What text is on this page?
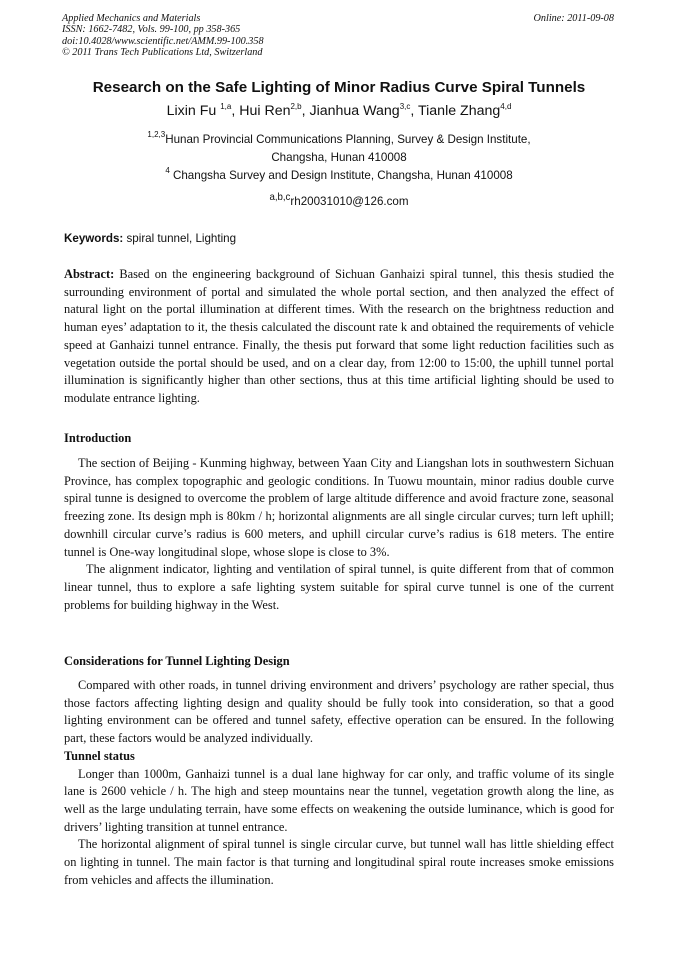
Applied Mechanics and Materials
ISSN: 1662-7482, Vols. 99-100, pp 358-365
doi:10.4028/www.scientific.net/AMM.99-100.358
© 2011 Trans Tech Publications Ltd, Switzerland
Online: 2011-09-08
Research on the Safe Lighting of Minor Radius Curve Spiral Tunnels
Lixin Fu $^{1,a}$, Hui Ren$^{2,b}$, Jianhua Wang$^{3,c}$, Tianle Zhang$^{4,d}$
$^{1,2,3}$Hunan Provincial Communications Planning, Survey & Design Institute,
Changsha, Hunan 410008
$^4$ Changsha Survey and Design Institute, Changsha, Hunan 410008
$^{a,b,c}$rh20031010@126.com
Keywords: spiral tunnel, Lighting

Abstract: Based on the engineering background of Sichuan Ganhaizi spiral tunnel, this thesis studied the surrounding environment of portal and simulated the whole portal section, and then analyzed the effect of natural light on the portal illumination at different times. With the research on the brightness reduction and human eyes’ adaptation to it, the thesis calculated the discount rate k and obtained the requirements of vehicle speed at Ganhaizi tunnel entrance. Finally, the thesis put forward that some light reduction facilities such as vegetation outside the portal should be used, and on a clear day, from 12:00 to 15:00, the uphill tunnel portal illumination is significantly higher than other sections, thus at this time artificial lighting should be used to modulate entrance lighting.

Introduction

The section of Beijing - Kunming highway, between Yaan City and Liangshan lots in southwestern Sichuan Province, has complex topographic and geologic conditions. In Tuowu mountain, minor radius double curve spiral tunne is designed to overcome the problem of large altitude difference and avoid fracture zone, seasonal freezing zone. Its design mph is 80km / h; horizontal alignments are all single circular curves; turn left uphill; downhill circular curve’s radius is 600 meters, and uphill circular curve’s radius is 618 meters. The entire tunnel is One-way longitudinal slope, whose slope is close to 3%.

The alignment indicator, lighting and ventilation of spiral tunnel, is quite different from that of common linear tunnel, thus to explore a safe lighting system suitable for spiral curve tunnel is one of the current problems for building highway in the West.

Considerations for Tunnel Lighting Design

Compared with other roads, in tunnel driving environment and drivers’ psychology are rather special, thus those factors affecting lighting design and quality should be fully took into consideration, so that a good lighting environment can be offered and tunnel safety, effective operation can be ensured. In the following part, these factors would be analyzed individually.

Tunnel status

Longer than 1000m, Ganhaizi tunnel is a dual lane highway for car only, and traffic volume of its single lane is 2600 vehicle / h. The high and steep mountains near the tunnel, vegetation growth along the line, as well as the large undulating terrain, have some effects on weakening the outside luminance, which is good for drivers’ lighting transition at tunnel entrance.

The horizontal alignment of spiral tunnel is single circular curve, but tunnel wall has little shielding effect on lighting in tunnel. The main factor is that turning and longitudinal spiral route increases smoke emissions from vehicles and affects the illumination.
